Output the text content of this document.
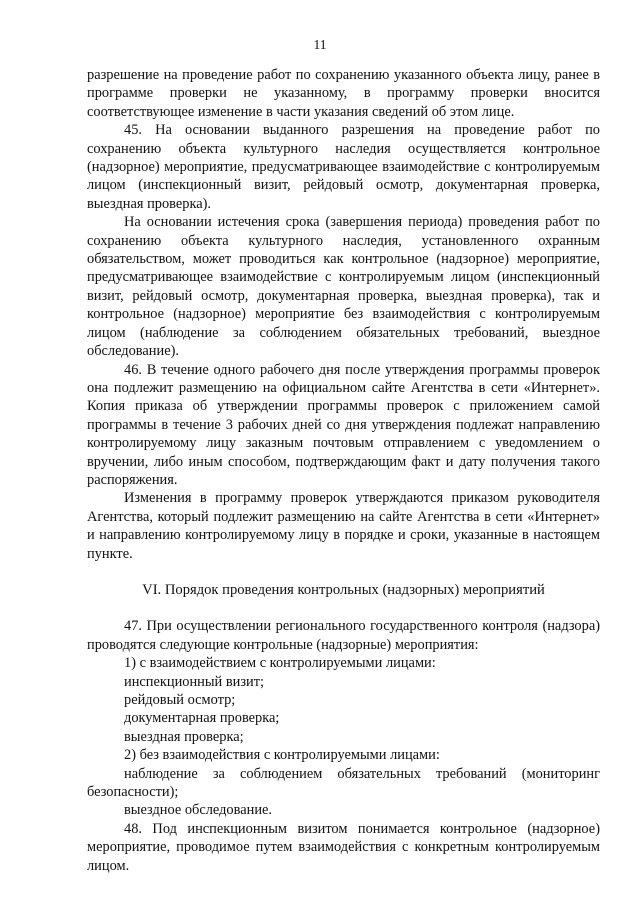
11

разрешение на проведение работ по сохранению указанного объекта лицу, ранее в программе проверки не указанному, в программу проверки вносится соответствующее изменение в части указания сведений об этом лице.

45. На основании выданного разрешения на проведение работ по сохранению объекта культурного наследия осуществляется контрольное (надзорное) мероприятие, предусматривающее взаимодействие с контролируемым лицом (инспекционный визит, рейдовый осмотр, документарная проверка, выездная проверка).

На основании истечения срока (завершения периода) проведения работ по сохранению объекта культурного наследия, установленного охранным обязательством, может проводиться как контрольное (надзорное) мероприятие, предусматривающее взаимодействие с контролируемым лицом (инспекционный визит, рейдовый осмотр, документарная проверка, выездная проверка), так и контрольное (надзорное) мероприятие без взаимодействия с контролируемым лицом (наблюдение за соблюдением обязательных требований, выездное обследование).

46. В течение одного рабочего дня после утверждения программы проверок она подлежит размещению на официальном сайте Агентства в сети «Интернет». Копия приказа об утверждении программы проверок с приложением самой программы в течение 3 рабочих дней со дня утверждения подлежат направлению контролируемому лицу заказным почтовым отправлением с уведомлением о вручении, либо иным способом, подтверждающим факт и дату получения такого распоряжения.

Изменения в программу проверок утверждаются приказом руководителя Агентства, который подлежит размещению на сайте Агентства в сети «Интернет» и направлению контролируемому лицу в порядке и сроки, указанные в настоящем пункте.

VI. Порядок проведения контрольных (надзорных) мероприятий

47. При осуществлении регионального государственного контроля (надзора) проводятся следующие контрольные (надзорные) мероприятия:

1) с взаимодействием с контролируемыми лицами:

инспекционный визит;

рейдовый осмотр;

документарная проверка;

выездная проверка;

2) без взаимодействия с контролируемыми лицами:

наблюдение за соблюдением обязательных требований (мониторинг безопасности);

выездное обследование.

48. Под инспекционным визитом понимается контрольное (надзорное) мероприятие, проводимое путем взаимодействия с конкретным контролируемым лицом.
